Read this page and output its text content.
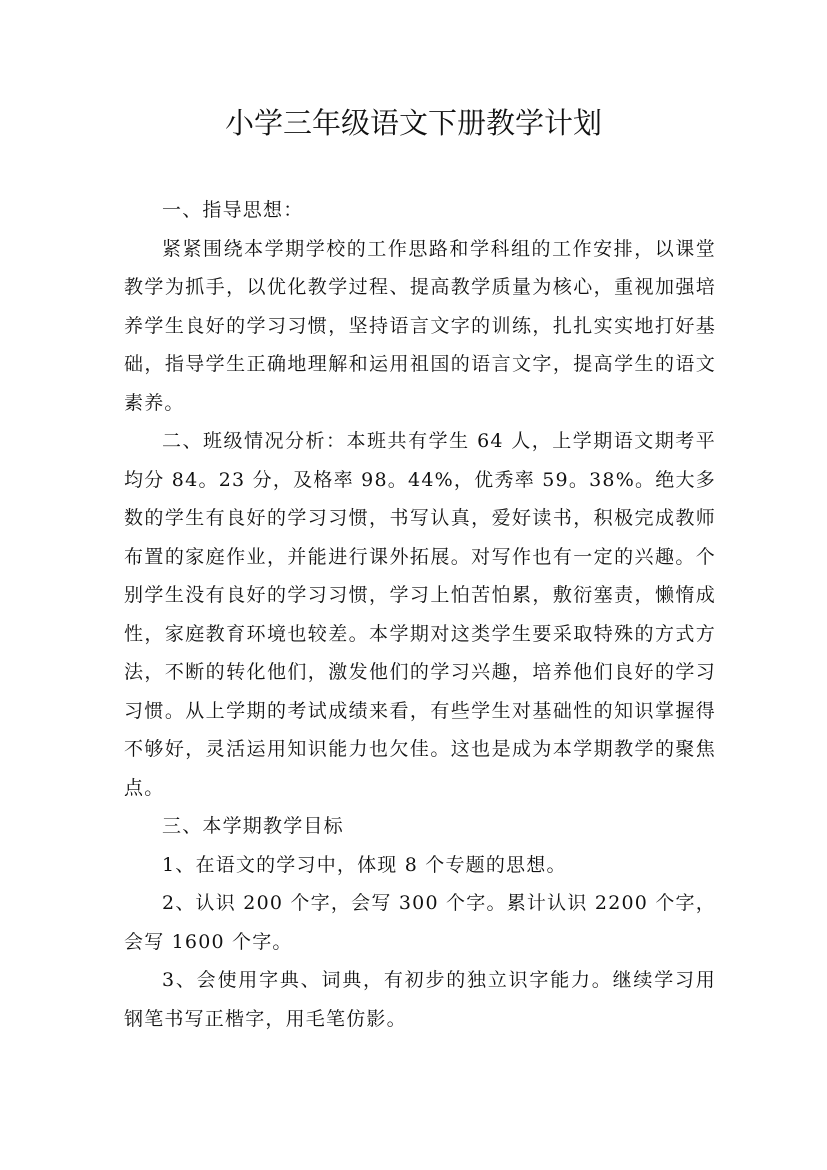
小学三年级语文下册教学计划

一、指导思想：

紧紧围绕本学期学校的工作思路和学科组的工作安排，以课堂教学为抓手，以优化教学过程、提高教学质量为核心，重视加强培养学生良好的学习习惯，坚持语言文字的训练，扎扎实实地打好基础，指导学生正确地理解和运用祖国的语言文字，提高学生的语文素养。

二、班级情况分析：本班共有学生 64 人，上学期语文期考平均分 84。23 分，及格率 98。44%，优秀率 59。38%。绝大多数的学生有良好的学习习惯，书写认真，爱好读书，积极完成教师布置的家庭作业，并能进行课外拓展。对写作也有一定的兴趣。个别学生没有良好的学习习惯，学习上怕苦怕累，敷衍塞责，懒惰成性，家庭教育环境也较差。本学期对这类学生要采取特殊的方式方法，不断的转化他们，激发他们的学习兴趣，培养他们良好的学习习惯。从上学期的考试成绩来看，有些学生对基础性的知识掌握得不够好，灵活运用知识能力也欠佳。这也是成为本学期教学的聚焦点。

三、本学期教学目标

1、在语文的学习中，体现 8 个专题的思想。

2、认识 200 个字，会写 300 个字。累计认识 2200 个字，会写 1600 个字。

3、会使用字典、词典，有初步的独立识字能力。继续学习用钢笔书写正楷字，用毛笔仿影。
